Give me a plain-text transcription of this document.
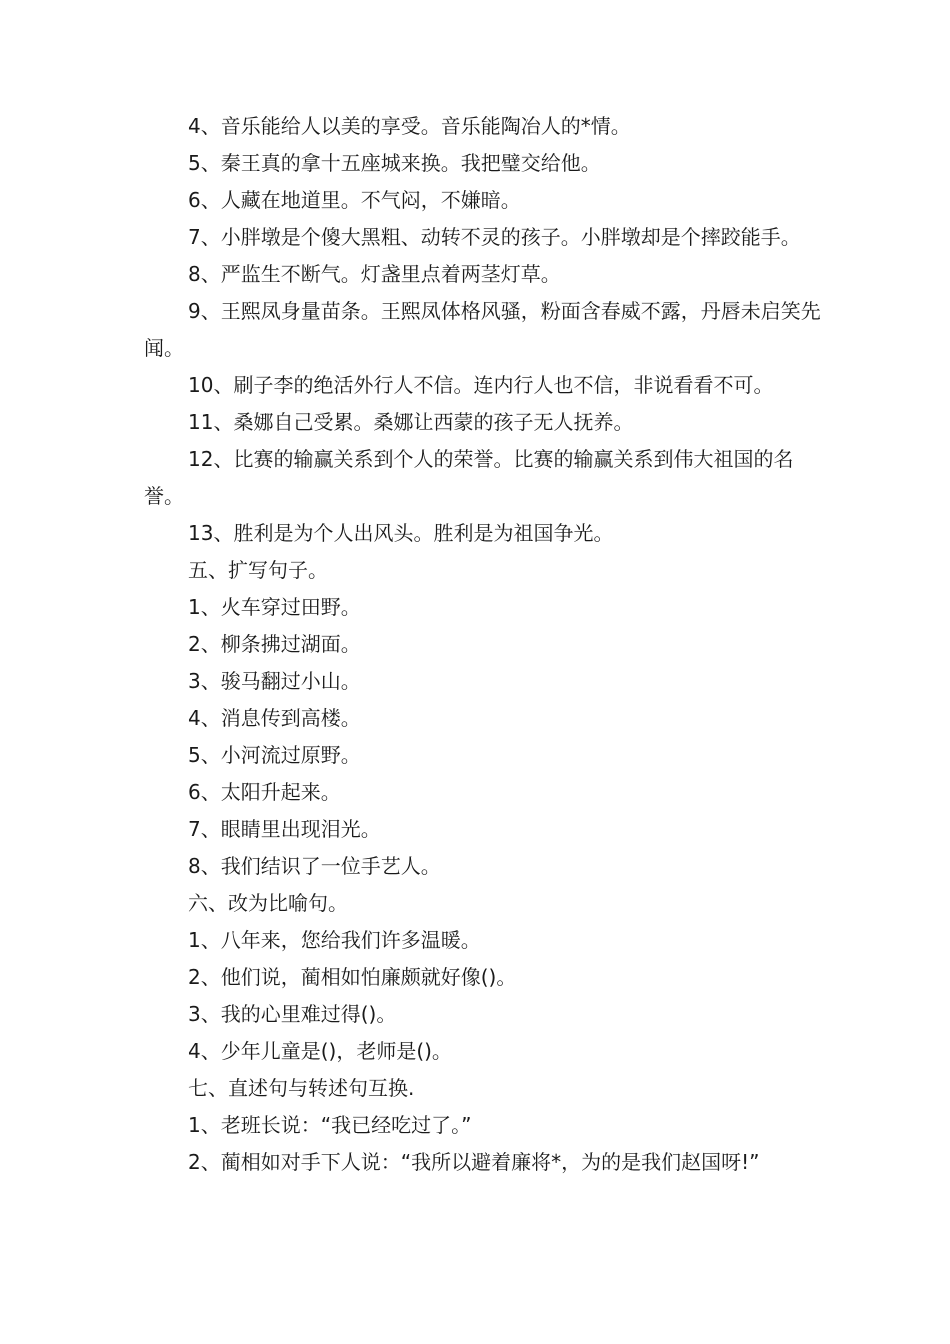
4、音乐能给人以美的享受。音乐能陶冶人的*情。

5、秦王真的拿十五座城来换。我把璧交给他。

6、人藏在地道里。不气闷，不嫌暗。

7、小胖墩是个傻大黑粗、动转不灵的孩子。小胖墩却是个摔跤能手。

8、严监生不断气。灯盏里点着两茎灯草。

9、王熙凤身量苗条。王熙凤体格风骚，粉面含春威不露，丹唇未启笑先闻。

10、刷子李的绝活外行人不信。连内行人也不信，非说看看不可。

11、桑娜自己受累。桑娜让西蒙的孩子无人抚养。

12、比赛的输赢关系到个人的荣誉。比赛的输赢关系到伟大祖国的名誉。

13、胜利是为个人出风头。胜利是为祖国争光。

五、扩写句子。

1、火车穿过田野。

2、柳条拂过湖面。

3、骏马翻过小山。

4、消息传到高楼。

5、小河流过原野。

6、太阳升起来。

7、眼睛里出现泪光。

8、我们结识了一位手艺人。

六、改为比喻句。

1、八年来，您给我们许多温暖。

2、他们说，蔺相如怕廉颇就好像()。

3、我的心里难过得()。

4、少年儿童是()，老师是()。

七、直述句与转述句互换.

1、老班长说：“我已经吃过了。”

2、蔺相如对手下人说：“我所以避着廉将*，为的是我们赵国呀!”
